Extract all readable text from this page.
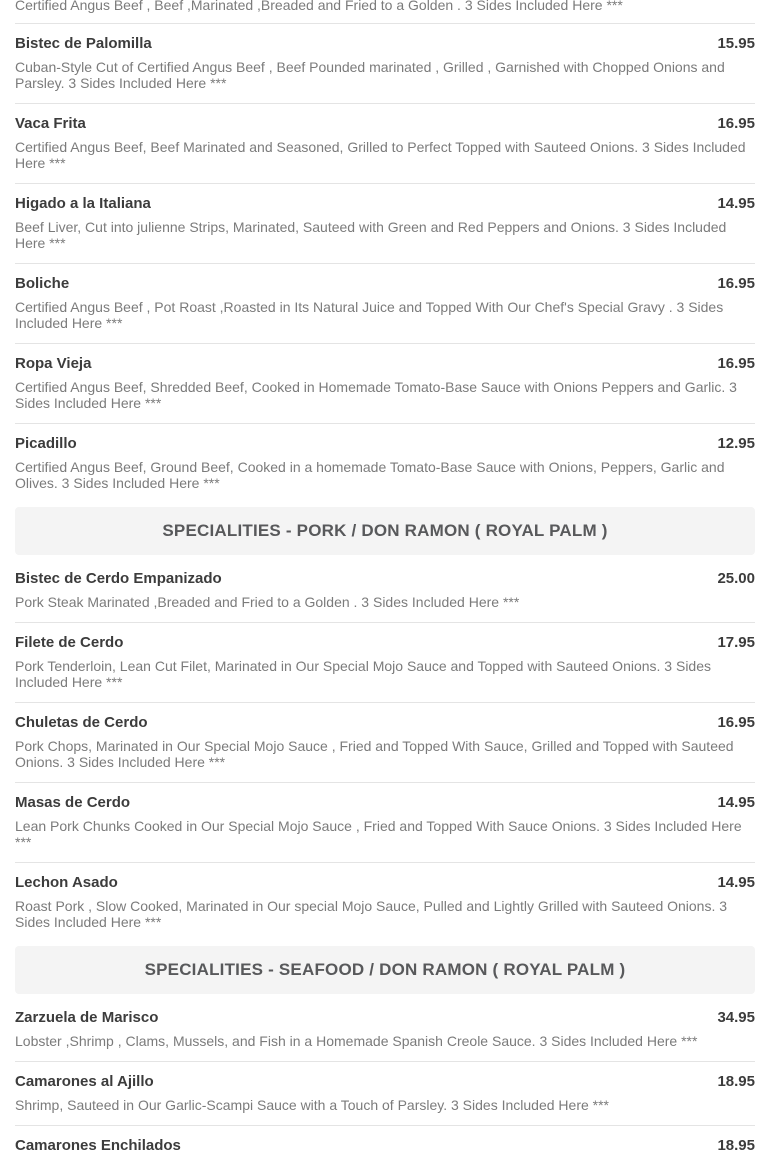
Certified Angus Beef , Beef ,Marinated ,Breaded and Fried to a Golden . 3 Sides Included Here ***
Bistec de Palomilla	15.95
Cuban-Style Cut of Certified Angus Beef , Beef Pounded marinated , Grilled , Garnished with Chopped Onions and Parsley. 3 Sides Included Here ***
Vaca Frita	16.95
Certified Angus Beef, Beef Marinated and Seasoned, Grilled to Perfect Topped with Sauteed Onions. 3 Sides Included Here ***
Higado a la Italiana	14.95
Beef Liver, Cut into julienne Strips, Marinated, Sauteed with Green and Red Peppers and Onions. 3 Sides Included Here ***
Boliche	16.95
Certified Angus Beef , Pot Roast ,Roasted in Its Natural Juice and Topped With Our Chef's Special Gravy . 3 Sides Included Here ***
Ropa Vieja	16.95
Certified Angus Beef, Shredded Beef, Cooked in Homemade Tomato-Base Sauce with Onions Peppers and Garlic. 3 Sides Included Here ***
Picadillo	12.95
Certified Angus Beef, Ground Beef, Cooked in a homemade Tomato-Base Sauce with Onions, Peppers, Garlic and Olives. 3 Sides Included Here ***
SPECIALITIES - PORK / DON RAMON ( ROYAL PALM )
Bistec de Cerdo Empanizado	25.00
Pork Steak Marinated ,Breaded and Fried to a Golden . 3 Sides Included Here ***
Filete de Cerdo	17.95
Pork Tenderloin, Lean Cut Filet, Marinated in Our Special Mojo Sauce and Topped with Sauteed Onions. 3 Sides Included Here ***
Chuletas de Cerdo	16.95
Pork Chops, Marinated in Our Special Mojo Sauce , Fried and Topped With Sauce, Grilled and Topped with Sauteed Onions. 3 Sides Included Here ***
Masas de Cerdo	14.95
Lean Pork Chunks Cooked in Our Special Mojo Sauce , Fried and Topped With Sauce Onions. 3 Sides Included Here ***
Lechon Asado	14.95
Roast Pork , Slow Cooked, Marinated in Our special Mojo Sauce, Pulled and Lightly Grilled with Sauteed Onions. 3 Sides Included Here ***
SPECIALITIES - SEAFOOD / DON RAMON ( ROYAL PALM )
Zarzuela de Marisco	34.95
Lobster ,Shrimp , Clams, Mussels, and Fish in a Homemade Spanish Creole Sauce. 3 Sides Included Here ***
Camarones al Ajillo	18.95
Shrimp, Sauteed in Our Garlic-Scampi Sauce with a Touch of Parsley. 3 Sides Included Here ***
Camarones Enchilados	18.95
